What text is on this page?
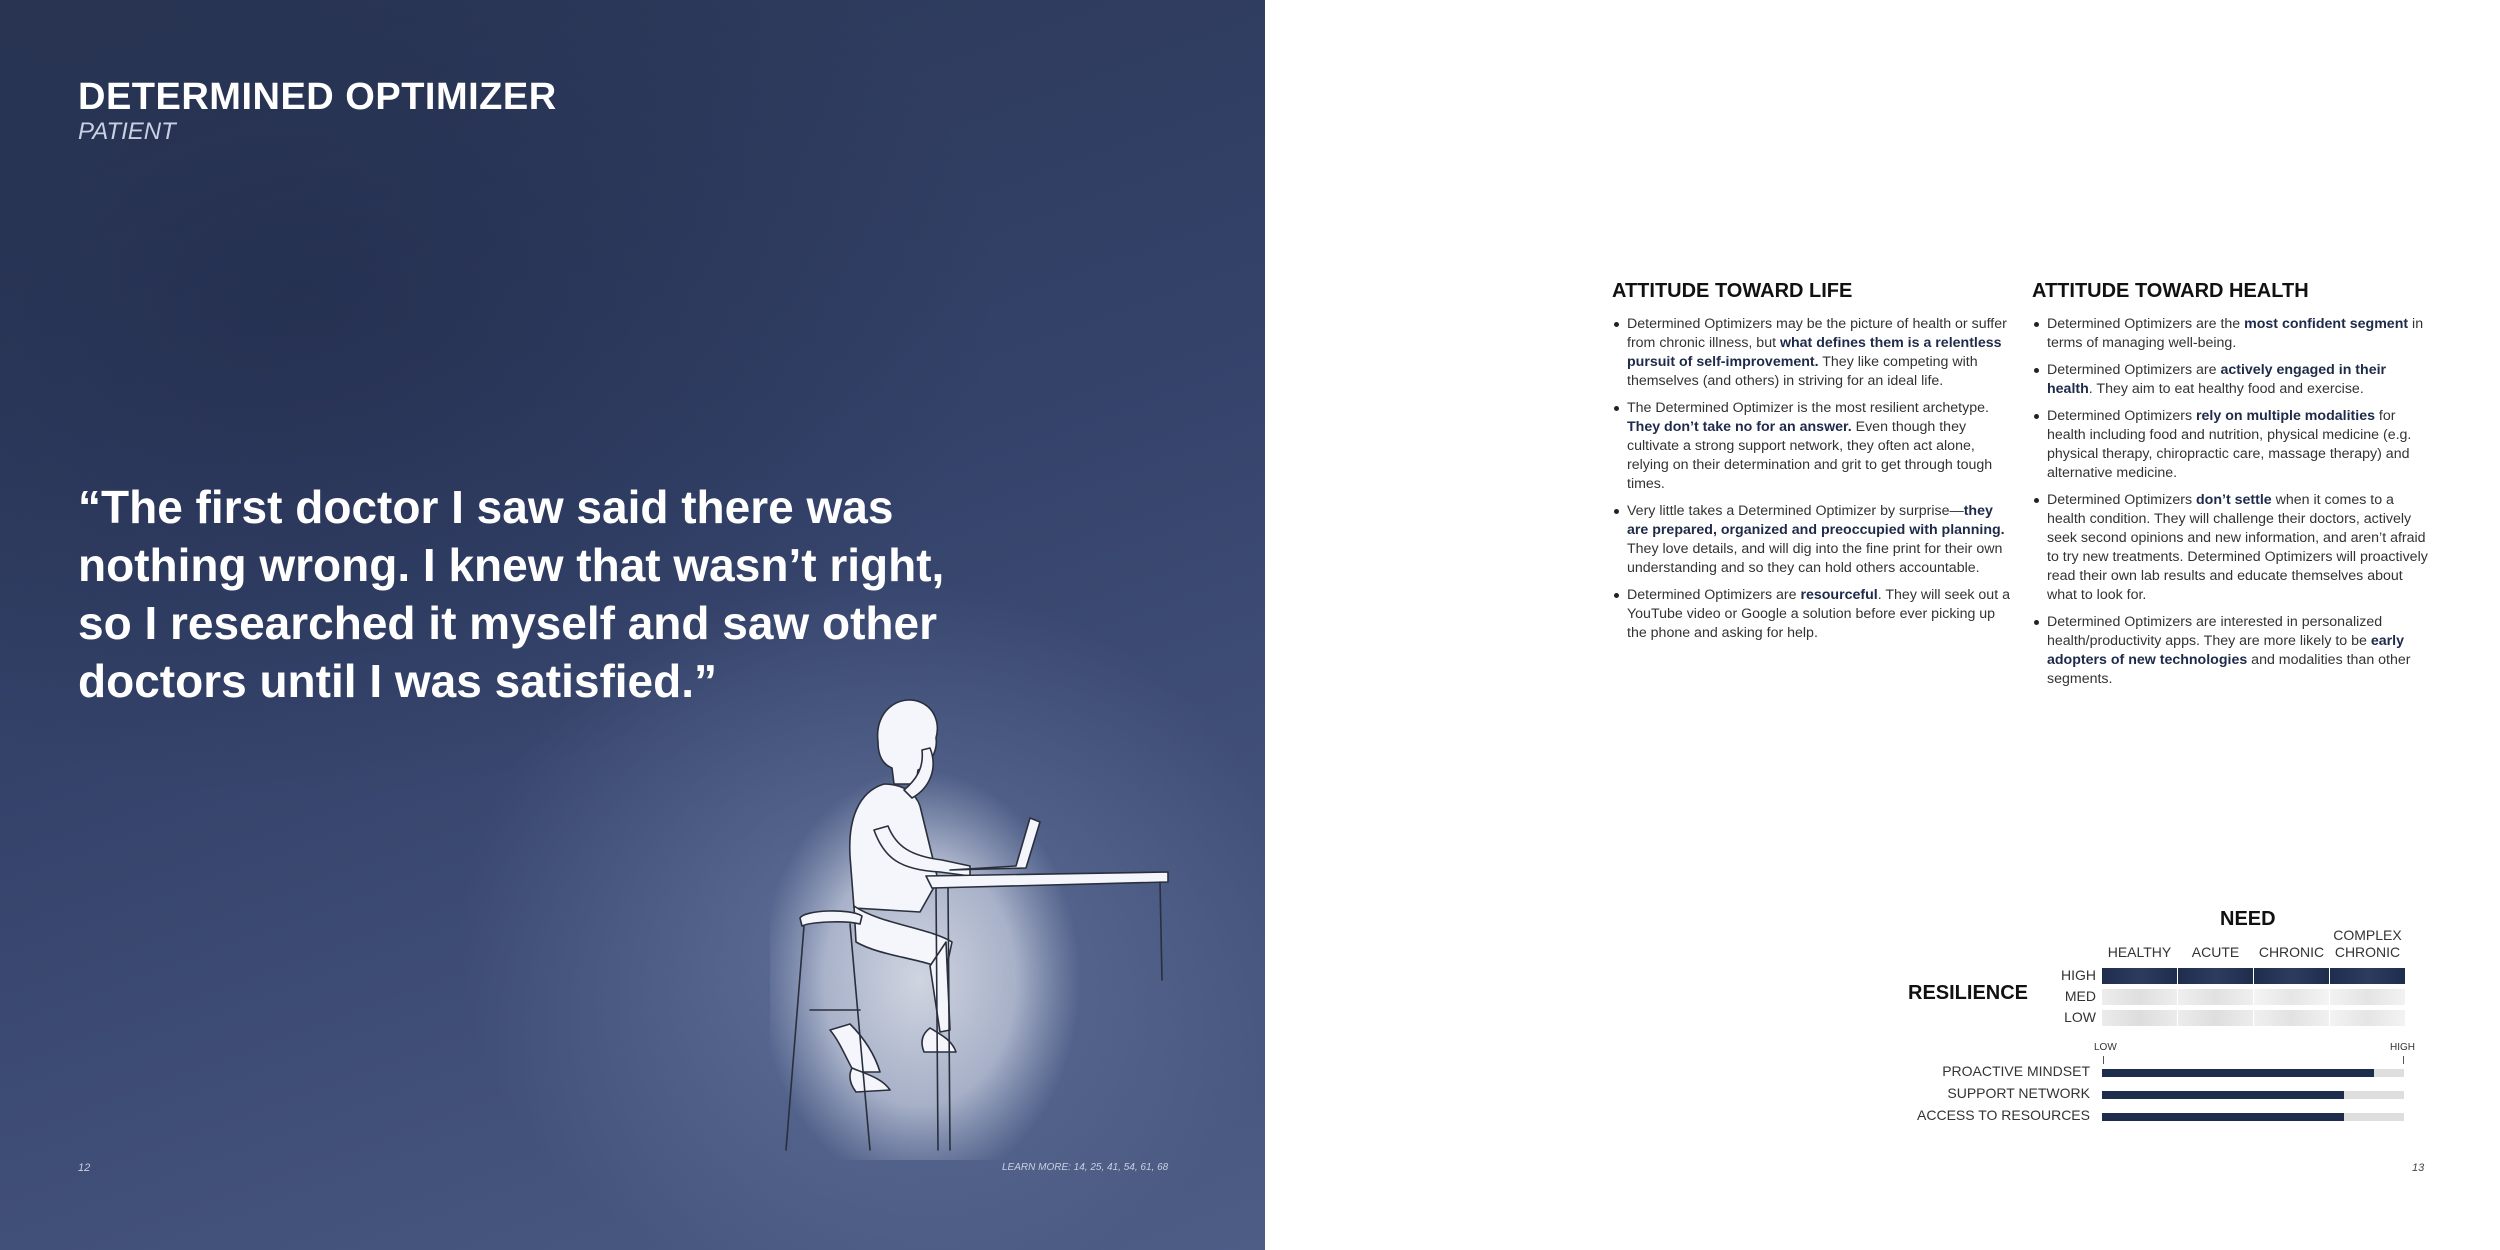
DETERMINED OPTIMIZER
PATIENT
“The first doctor I saw said there was nothing wrong. I knew that wasn’t right, so I researched it myself and saw other doctors until I was satisfied.”
12	LEARN MORE: 14, 25, 41, 54, 61, 68
ATTITUDE TOWARD LIFE
Determined Optimizers may be the picture of health or suffer from chronic illness, but what defines them is a relentless pursuit of self-improvement. They like competing with themselves (and others) in striving for an ideal life.
The Determined Optimizer is the most resilient archetype. They don’t take no for an answer. Even though they cultivate a strong support network, they often act alone, relying on their determination and grit to get through tough times.
Very little takes a Determined Optimizer by surprise—they are prepared, organized and preoccupied with planning. They love details, and will dig into the fine print for their own understanding and so they can hold others accountable.
Determined Optimizers are resourceful. They will seek out a YouTube video or Google a solution before ever picking up the phone and asking for help.
ATTITUDE TOWARD HEALTH
Determined Optimizers are the most confident segment in terms of managing well-being.
Determined Optimizers are actively engaged in their health. They aim to eat healthy food and exercise.
Determined Optimizers rely on multiple modalities for health including food and nutrition, physical medicine (e.g. physical therapy, chiropractic care, massage therapy) and alternative medicine.
Determined Optimizers don’t settle when it comes to a health condition. They will challenge their doctors, actively seek second opinions and new information, and aren’t afraid to try new treatments. Determined Optimizers will proactively read their own lab results and educate themselves about what to look for.
Determined Optimizers are interested in personalized health/productivity apps. They are more likely to be early adopters of new technologies and modalities than other segments.
13
NEED
RESILIENCE
HEALTHY	ACUTE	CHRONIC
COMPLEX CHRONIC
HIGH
MED
LOW
LOW	HIGH
PROACTIVE MINDSET
SUPPORT NETWORK
ACCESS TO RESOURCES
